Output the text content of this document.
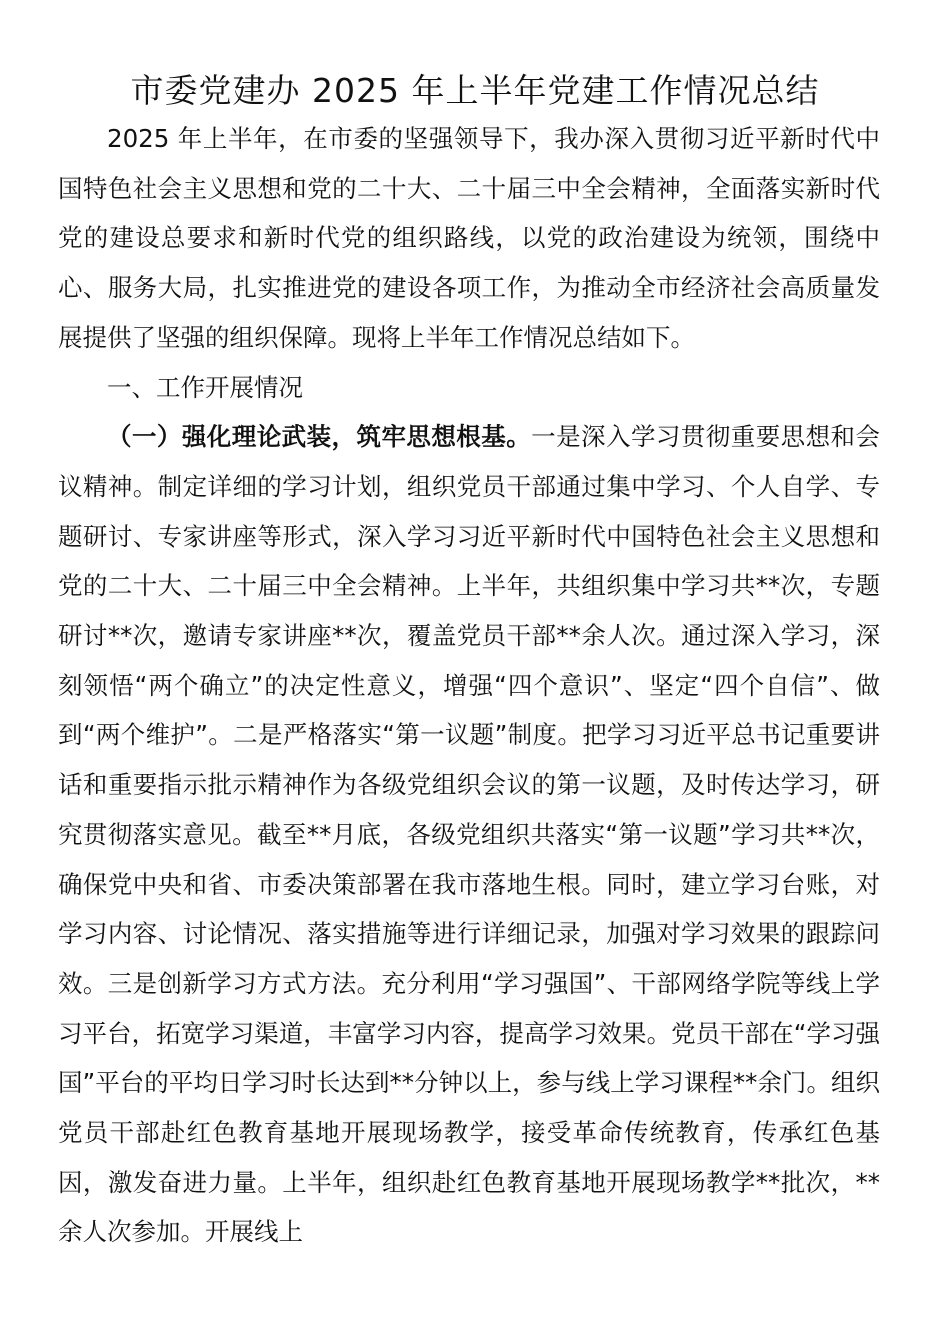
市委党建办 2025 年上半年党建工作情况总结

2025 年上半年，在市委的坚强领导下，我办深入贯彻习近平新时代中国特色社会主义思想和党的二十大、二十届三中全会精神，全面落实新时代党的建设总要求和新时代党的组织路线，以党的政治建设为统领，围绕中心、服务大局，扎实推进党的建设各项工作，为推动全市经济社会高质量发展提供了坚强的组织保障。现将上半年工作情况总结如下。

一、工作开展情况

（一）强化理论武装，筑牢思想根基。一是深入学习贯彻重要思想和会议精神。制定详细的学习计划，组织党员干部通过集中学习、个人自学、专题研讨、专家讲座等形式，深入学习习近平新时代中国特色社会主义思想和党的二十大、二十届三中全会精神。上半年，共组织集中学习共**次，专题研讨**次，邀请专家讲座**次，覆盖党员干部**余人次。通过深入学习，深刻领悟“两个确立”的决定性意义，增强“四个意识”、坚定“四个自信”、做到“两个维护”。二是严格落实“第一议题”制度。把学习习近平总书记重要讲话和重要指示批示精神作为各级党组织会议的第一议题，及时传达学习，研究贯彻落实意见。截至**月底，各级党组织共落实“第一议题”学习共**次，确保党中央和省、市委决策部署在我市落地生根。同时，建立学习台账，对学习内容、讨论情况、落实措施等进行详细记录，加强对学习效果的跟踪问效。三是创新学习方式方法。充分利用“学习强国”、干部网络学院等线上学习平台，拓宽学习渠道，丰富学习内容，提高学习效果。党员干部在“学习强国”平台的平均日学习时长达到**分钟以上，参与线上学习课程**余门。组织党员干部赴红色教育基地开展现场教学，接受革命传统教育，传承红色基因，激发奋进力量。上半年，组织赴红色教育基地开展现场教学**批次，**余人次参加。开展线上
